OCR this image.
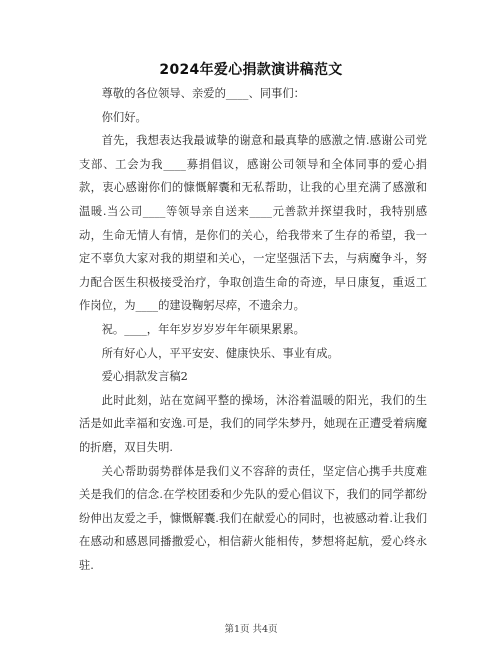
2024年爱心捐款演讲稿范文

尊敬的各位领导、亲爱的____、同事们：

你们好。

首先，我想表达我最诚挚的谢意和最真挚的感激之情.感谢公司党支部、工会为我____募捐倡议，感谢公司领导和全体同事的爱心捐款，衷心感谢你们的慷慨解囊和无私帮助，让我的心里充满了感激和温暖.当公司____等领导亲自送来____元善款并探望我时，我特别感动，生命无情人有情，是你们的关心，给我带来了生存的希望，我一定不辜负大家对我的期望和关心，一定坚强活下去，与病魔争斗，努力配合医生积极接受治疗，争取创造生命的奇迹，早日康复，重返工作岗位，为____的建设鞠躬尽瘁，不遗余力。

祝。____，年年岁岁岁岁年年硕果累累。

所有好心人，平平安安、健康快乐、事业有成。

爱心捐款发言稿2

此时此刻，站在宽阔平整的操场，沐浴着温暖的阳光，我们的生活是如此幸福和安逸.可是，我们的同学朱梦丹，她现在正遭受着病魔的折磨，双目失明.

关心帮助弱势群体是我们义不容辞的责任，坚定信心携手共度难关是我们的信念.在学校团委和少先队的爱心倡议下，我们的同学都纷纷伸出友爱之手，慷慨解囊.我们在献爱心的同时，也被感动着.让我们在感动和感恩同播撒爱心，相信薪火能相传，梦想将起航，爱心终永驻.

第1页 共4页
